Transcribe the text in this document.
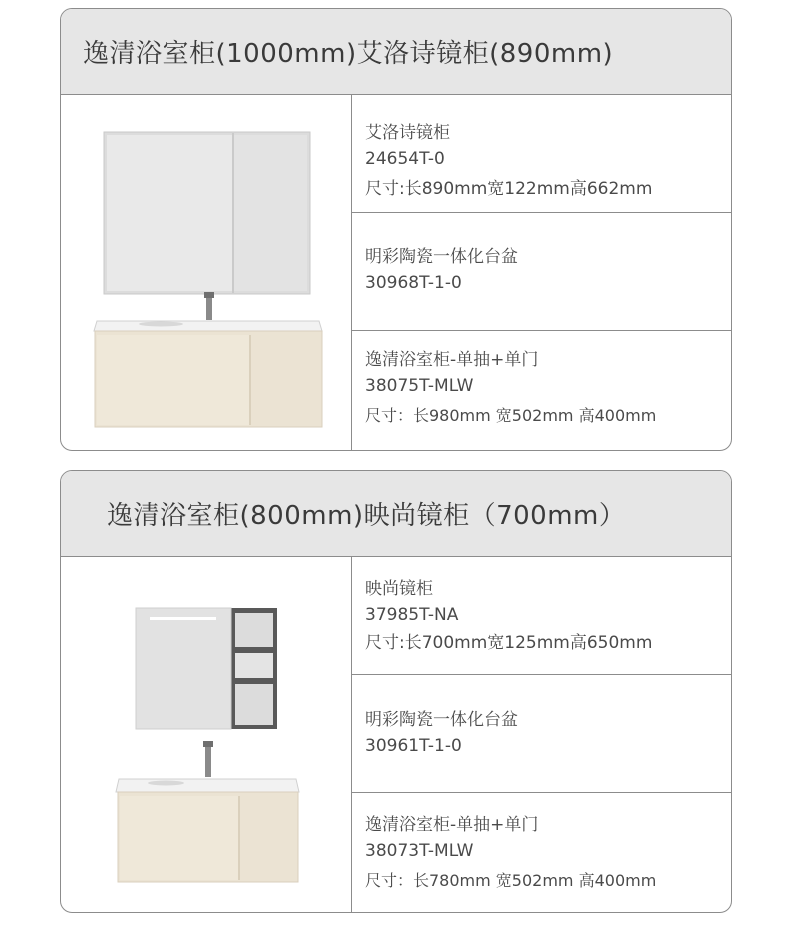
逸清浴室柜(1000mm)艾洛诗镜柜(890mm)
艾洛诗镜柜
24654T-0
尺寸:长890mm宽122mm高662mm
明彩陶瓷一体化台盆
30968T-1-0
逸清浴室柜-单抽+单门
38075T-MLW
尺寸：长980mm 宽502mm 高400mm
逸清浴室柜(800mm)映尚镜柜（700mm）
映尚镜柜
37985T-NA
尺寸:长700mm宽125mm高650mm
明彩陶瓷一体化台盆
30961T-1-0
逸清浴室柜-单抽+单门
38073T-MLW
尺寸：长780mm 宽502mm 高400mm
